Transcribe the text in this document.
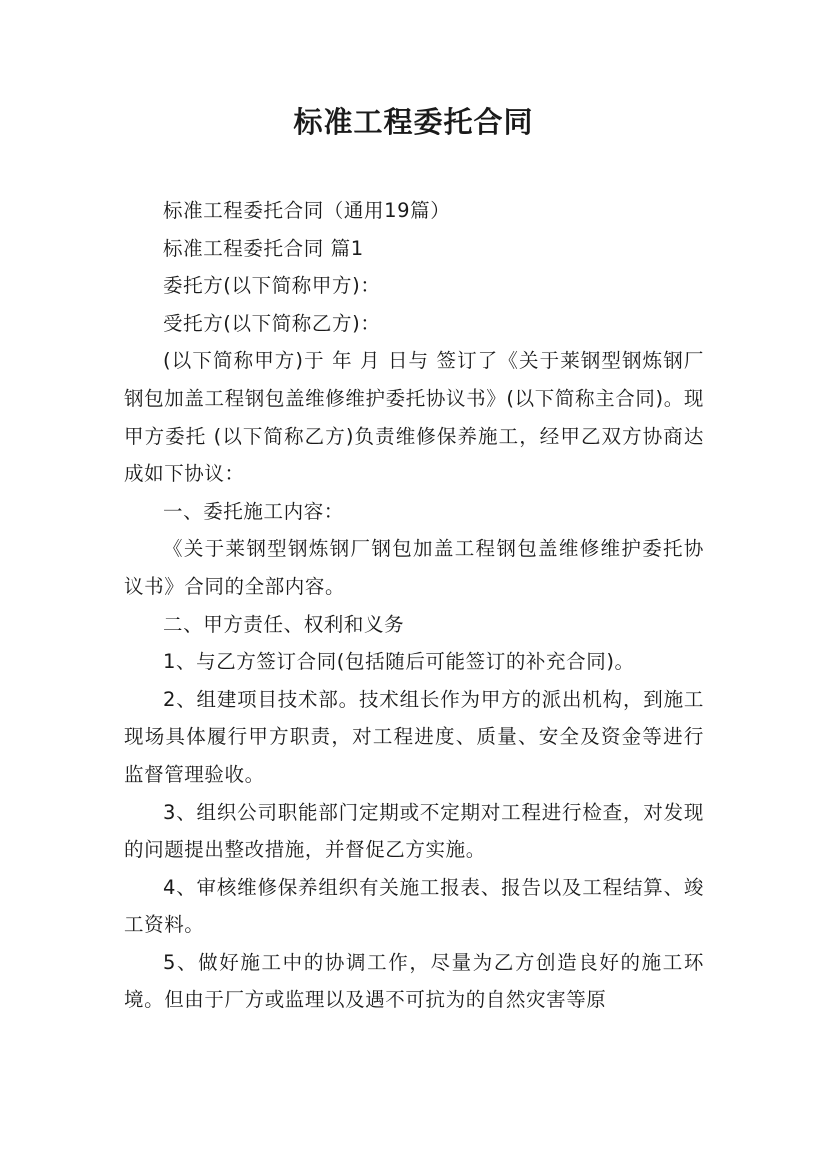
标准工程委托合同

标准工程委托合同（通用19篇）

标准工程委托合同 篇1

委托方(以下简称甲方)：

受托方(以下简称乙方)：

(以下简称甲方)于 年 月 日与 签订了《关于莱钢型钢炼钢厂钢包加盖工程钢包盖维修维护委托协议书》(以下简称主合同)。现甲方委托 (以下简称乙方)负责维修保养施工，经甲乙双方协商达成如下协议：

一、委托施工内容：

《关于莱钢型钢炼钢厂钢包加盖工程钢包盖维修维护委托协议书》合同的全部内容。

二、甲方责任、权利和义务

1、与乙方签订合同(包括随后可能签订的补充合同)。

2、组建项目技术部。技术组长作为甲方的派出机构，到施工现场具体履行甲方职责，对工程进度、质量、安全及资金等进行监督管理验收。

3、组织公司职能部门定期或不定期对工程进行检查，对发现的问题提出整改措施，并督促乙方实施。

4、审核维修保养组织有关施工报表、报告以及工程结算、竣工资料。

5、做好施工中的协调工作，尽量为乙方创造良好的施工环境。但由于厂方或监理以及遇不可抗为的自然灾害等原
